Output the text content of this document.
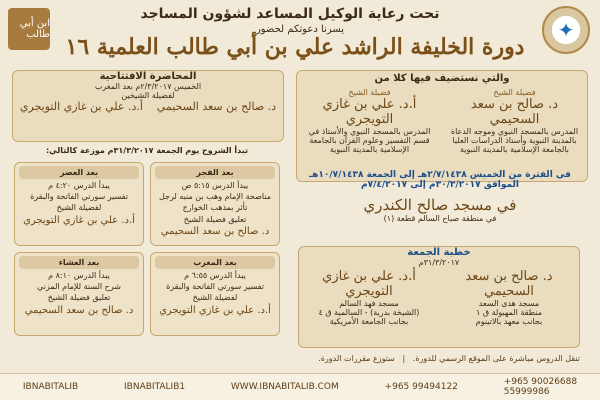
✦
ابن أبي طالب
تحت رعاية الوكيل المساعد لشؤون المساجد
يسرنا دعوتكم لحضور
دورة الخليفة الراشد علي بن أبي طالب العلمية ١٦
والتي نستضيف فيها كلا من
فضيلة الشيخ
د. صالح بن سعد السحيمي
المدرس بالمسجد النبوي وموجه الدعاة بالمدينة النبوية وأستاذ الدراسات العليا بالجامعة الإسلامية بالمدينة النبوية
فضيلة الشيخ
أ.د. علي بن غازي التويجري
المدرس بالمسجد النبوي والأستاذ في قسم التفسير وعلوم القرآن بالجامعة الإسلامية بالمدينة النبوية
في الفترة من الخميس ٢/٧/١٤٣٨هـ إلى الجمعة ١٠/٧/١٤٣٨هـ
الموافق ٣٠/٣/٢٠١٧م إلى ٧/٤/٢٠١٧م
في مسجد صالح الكندري
في منطقة صباح السالم قطعة (١)
خطبة الجمعة
٣١/٣/٢٠١٧م
د. صالح بن سعد السحيمي
مسجد هدى السعد
منطقة المهبولة ق ١
بجانب معهد بالاتينوم
أ.د. علي بن غازي التويجري
مسجد فهد السالم
(الشيخة بدرية) - السالمية ق ٤
بجانب الجامعة الأمريكية
المحاضرة الافتتاحية
الخميس ٢/٣/٢٠١٧م بعد المغرب
لفضيلة الشيخين
د. صالح بن سعد السحيمي
أ.د. علي بن غازي التويجري
تبدأ الشروح يوم الجمعة ٣١/٣/٢٠١٧م موزعة كالتالي:
بعد الفجر
يبدأ الدرس ٥:١٥ ص
مناصحة الإمام وهب بن منبه لرجل
تأثر بمذهب الخوارج
تعليق فضيلة الشيخ
د. صالح بن سعد السحيمي
بعد العصر
يبدأ الدرس ٤:٢٠ م
تفسير سورتي الفاتحة والبقرة
لفضيلة الشيخ
أ.د. علي بن غازي التويجري
بعد المغرب
يبدأ الدرس ٦:٥٥ م
تفسير سورتي الفاتحة والبقرة
لفضيلة الشيخ
أ.د. علي بن غازي التويجري
بعد العشاء
يبدأ الدرس ٨:١٠ م
شرح السنة للإمام المزني
تعليق فضيلة الشيخ
د. صالح بن سعد السحيمي
تنقل الدروس مباشرة على الموقع الرسمي للدورة.   |   ستوزع مقررات الدورة.
IBNABITALIB	IBNABITALIB1	WWW.IBNABITALIB.COM	+965 99494122	+965 90026688
55999986
